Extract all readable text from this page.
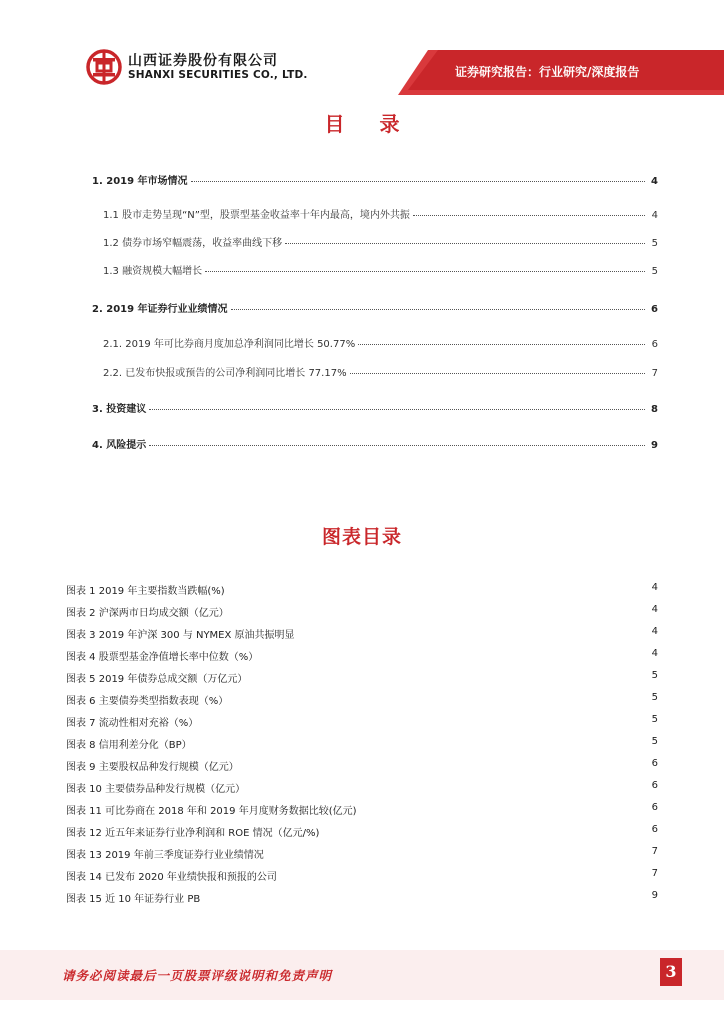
山西证券股份有限公司
SHANXI SECURITIES CO., LTD.	证券研究报告：行业研究/深度报告
目 录
1. 2019 年市场情况	4
1.1 股市走势呈现“N”型，股票型基金收益率十年内最高，境内外共振	4
1.2 债券市场窄幅震荡，收益率曲线下移	5
1.3 融资规模大幅增长	5
2. 2019 年证券行业业绩情况	6
2.1. 2019 年可比券商月度加总净利润同比增长 50.77%	6
2.2. 已发布快报或预告的公司净利润同比增长 77.17%	7
3. 投资建议	8
4. 风险提示	9
图表目录
图表 1 2019 年主要指数当跌幅(%)	4
图表 2 沪深两市日均成交额（亿元）	4
图表 3 2019 年沪深 300 与 NYMEX 原油共振明显	4
图表 4 股票型基金净值增长率中位数（%）	4
图表 5 2019 年债券总成交额（万亿元）	5
图表 6 主要债券类型指数表现（%）	5
图表 7 流动性相对充裕（%）	5
图表 8 信用利差分化（BP）	5
图表 9 主要股权品种发行规模（亿元）	6
图表 10 主要债券品种发行规模（亿元）	6
图表 11 可比券商在 2018 年和 2019 年月度财务数据比较(亿元)	6
图表 12 近五年来证券行业净利润和 ROE 情况（亿元/%)	6
图表 13 2019 年前三季度证券行业业绩情况	7
图表 14 已发布 2020 年业绩快报和预报的公司	7
图表 15 近 10 年证券行业 PB	9
请务必阅读最后一页股票评级说明和免责声明	3
